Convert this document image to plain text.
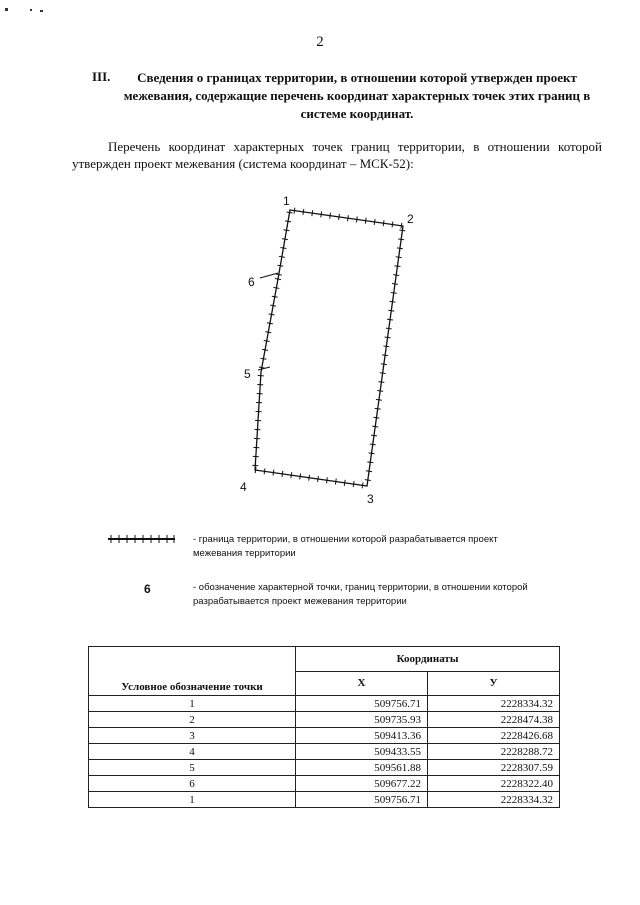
2
III.	Сведения о границах территории, в отношении которой утвержден проект межевания, содержащие перечень координат характерных точек этих границ в системе координат.
Перечень координат характерных точек границ территории, в отношении которой утвержден проект межевания (система координат – МСК-52):
1
2
3
4
5
6
- граница территории, в отношении которой разрабатывается проект межевания территории
6	- обозначение характерной точки, границ территории, в отношении которой разрабатывается проект межевания территории
Условное обозначение точки	Координаты	
	X	У
1	509756.71	2228334.32
2	509735.93	2228474.38
3	509413.36	2228426.68
4	509433.55	2228288.72
5	509561.88	2228307.59
6	509677.22	2228322.40
1	509756.71	2228334.32
